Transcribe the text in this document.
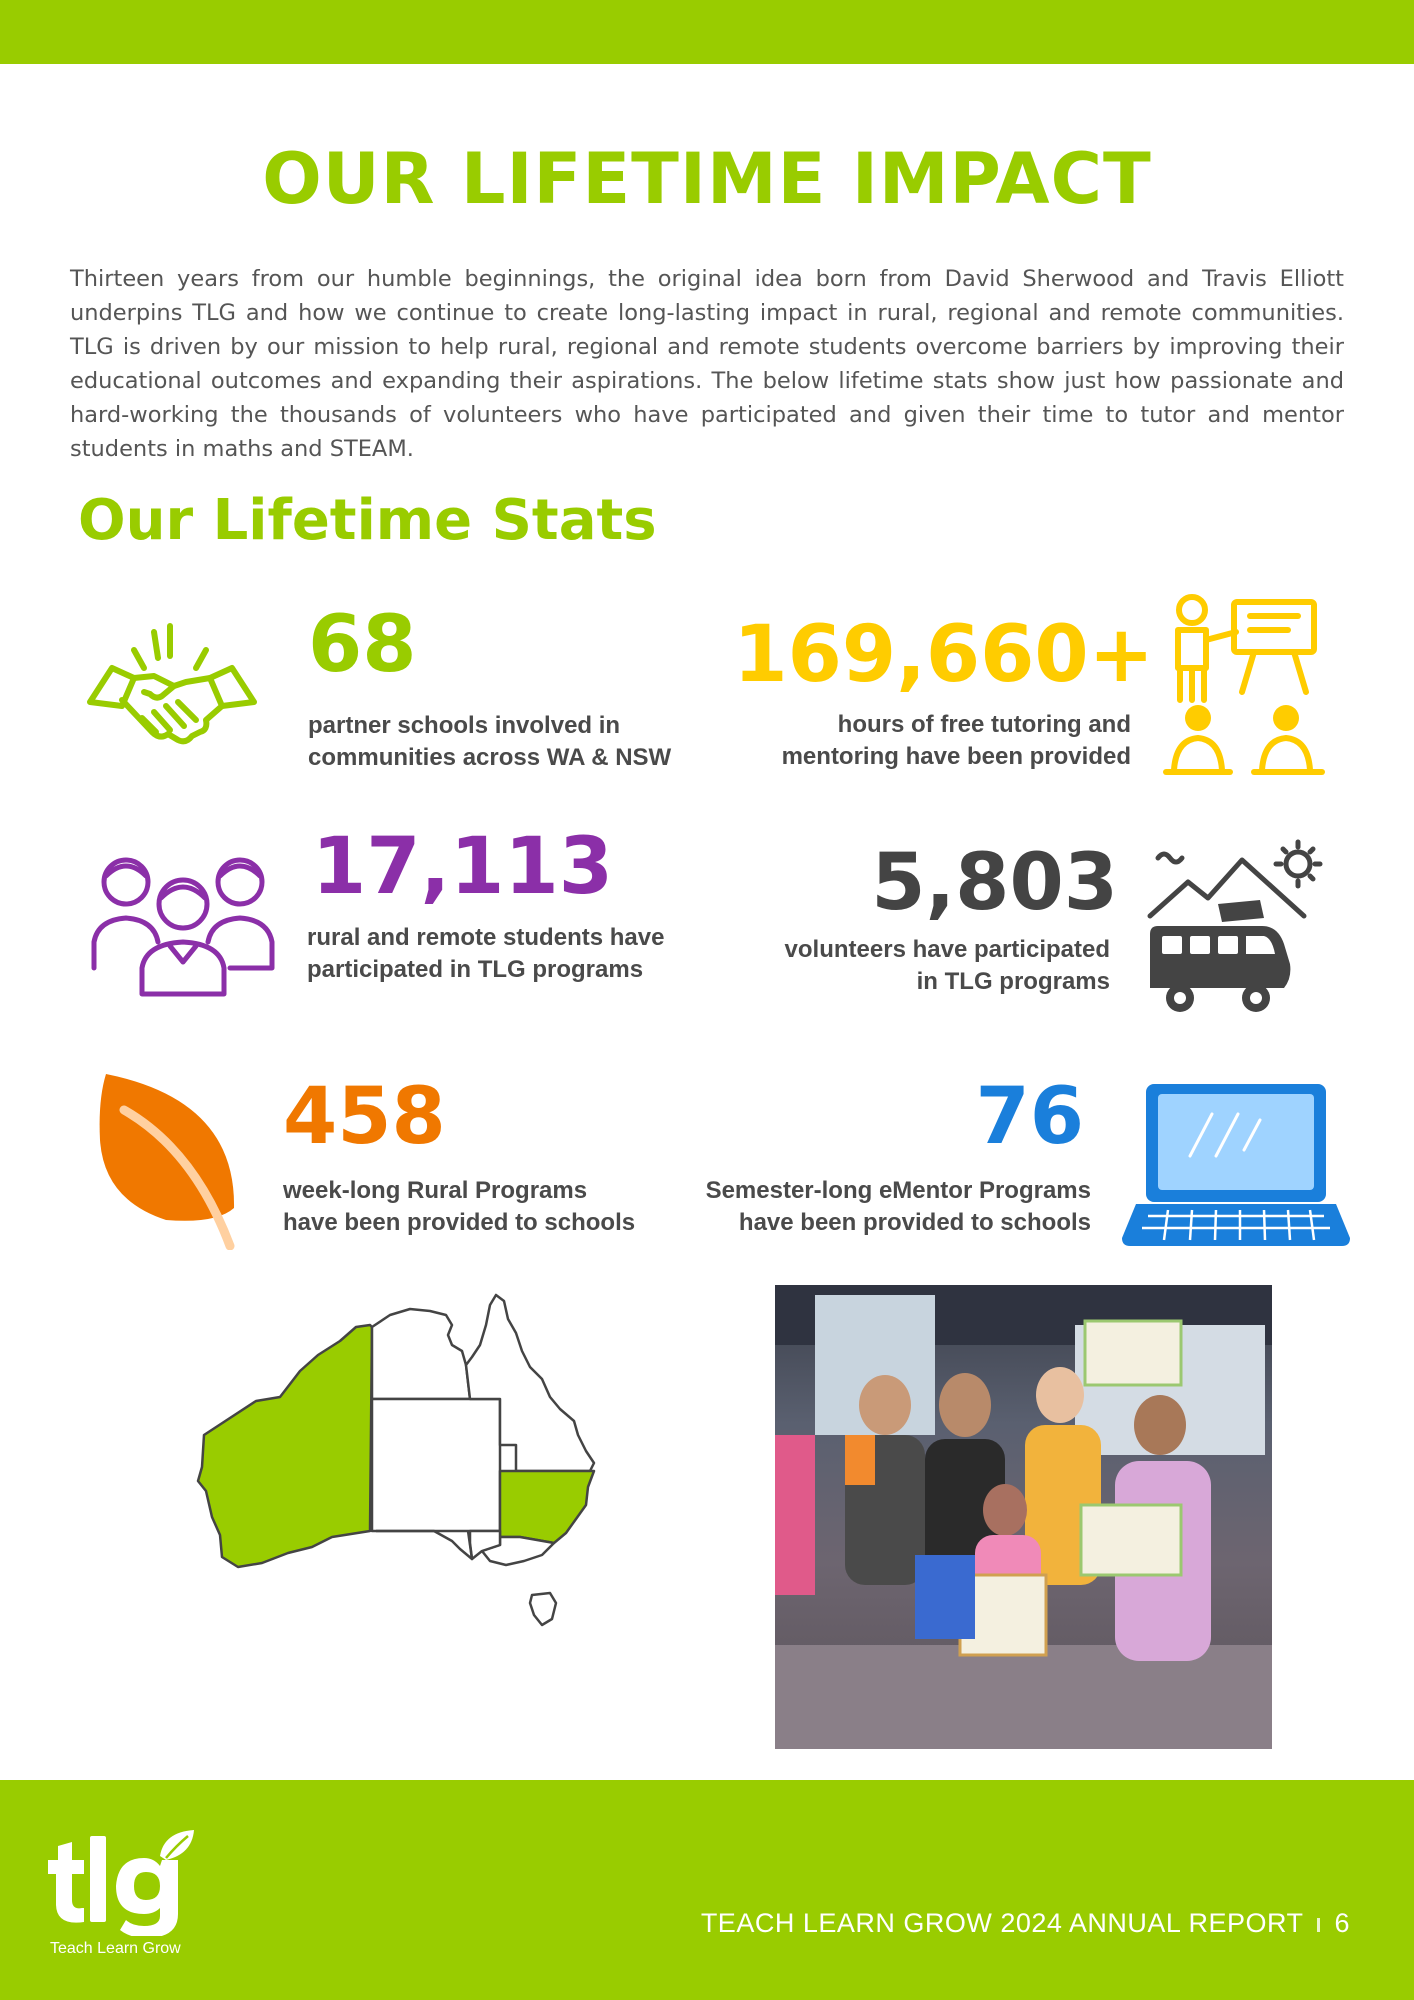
OUR LIFETIME IMPACT

Thirteen years from our humble beginnings, the original idea born from David Sherwood and Travis Elliott underpins TLG and how we continue to create long-lasting impact in rural, regional and remote communities. TLG is driven by our mission to help rural, regional and remote students overcome barriers by improving their educational outcomes and expanding their aspirations. The below lifetime stats show just how passionate and hard-working the thousands of volunteers who have participated and given their time to tutor and mentor students in maths and STEAM.

Our Lifetime Stats
68
partner schools involved in
communities across WA & NSW
169,660+
hours of free tutoring and
mentoring have been provided
17,113
rural and remote students have
participated in TLG programs
5,803
volunteers have participated
in TLG programs
458
week-long Rural Programs
have been provided to schools
76
Semester-long eMentor Programs
have been provided to schools
Teach Learn Grow
TEACH LEARN GROW 2024 ANNUAL REPORT 6
